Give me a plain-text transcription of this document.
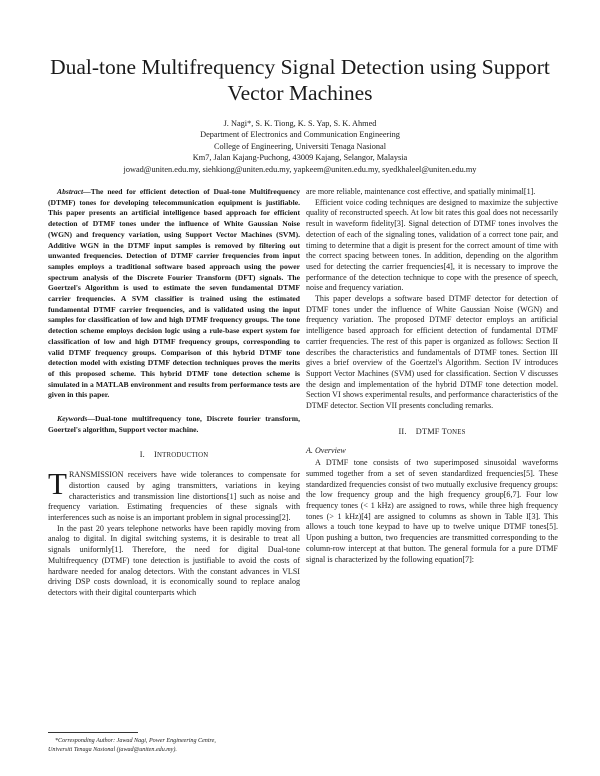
Dual-tone Multifrequency Signal Detection using Support Vector Machines
J. Nagi*, S. K. Tiong, K. S. Yap, S. K. Ahmed
Department of Electronics and Communication Engineering
College of Engineering, Universiti Tenaga Nasional
Km7, Jalan Kajang-Puchong, 43009 Kajang, Selangor, Malaysia
jowad@uniten.edu.my, siehkiong@uniten.edu.my, yapkeem@uniten.edu.my, syedkhaleel@uniten.edu.my

Abstract—The need for efficient detection of Dual-tone Multifrequency (DTMF) tones for developing telecommunication equipment is justifiable. This paper presents an artificial intelligence based approach for efficient detection of DTMF tones under the influence of White Gaussian Noise (WGN) and frequency variation, using Support Vector Machines (SVM). Additive WGN in the DTMF input samples is removed by filtering out unwanted frequencies. Detection of DTMF carrier frequencies from input samples employs a traditional software based approach using the power spectrum analysis of the Discrete Fourier Transform (DFT) signals. The Goertzel's Algorithm is used to estimate the seven fundamental DTMF carrier frequencies. A SVM classifier is trained using the estimated fundamental DTMF carrier frequencies, and is validated using the input samples for classification of low and high DTMF frequency groups. The tone detection scheme employs decision logic using a rule-base expert system for classification of low and high DTMF frequency groups, corresponding to valid DTMF frequency groups. Comparison of this hybrid DTMF tone detection model with existing DTMF detection techniques proves the merits of this proposed scheme. This hybrid DTMF tone detection scheme is simulated in a MATLAB environment and results from performance tests are given in this paper.

Keywords—Dual-tone multifrequency tone, Discrete fourier transform, Goertzel's algorithm, Support vector machine.

I. INTRODUCTION

TRANSMISSION receivers have wide tolerances to compensate for distortion caused by aging transmitters, variations in keying characteristics and transmission line distortions[1] such as noise and frequency variation. Estimating frequencies of these signals with interferences such as noise is an important problem in signal processing[2].

In the past 20 years telephone networks have been rapidly moving from analog to digital. In digital switching systems, it is desirable to treat all signals uniformly[1]. Therefore, the need for digital Dual-tone Multifrequency (DTMF) tone detection is justifiable to avoid the costs of hardware needed for analog detectors. With the constant advances in VLSI driving DSP costs download, it is economically sound to replace analog detectors with their digital counterparts which

are more reliable, maintenance cost effective, and spatially minimal[1].

Efficient voice coding techniques are designed to maximize the subjective quality of reconstructed speech. At low bit rates this goal does not necessarily result in waveform fidelity[3]. Signal detection of DTMF tones involves the detection of each of the signaling tones, validation of a correct tone pair, and timing to determine that a digit is present for the correct amount of time with the correct spacing between tones. In addition, depending on the algorithm used for detecting the carrier frequencies[4], it is necessary to improve the performance of the detection technique to cope with the presence of speech, noise and frequency variation.

This paper develops a software based DTMF detector for detection of DTMF tones under the influence of White Gaussian Noise (WGN) and frequency variation. The proposed DTMF detector employs an artificial intelligence based approach for efficient detection of fundamental DTMF carrier frequencies. The rest of this paper is organized as follows: Section II describes the characteristics and fundamentals of DTMF tones. Section III gives a brief overview of the Goertzel's Algorithm. Section IV introduces Support Vector Machines (SVM) used for classification. Section V discusses the design and implementation of the hybrid DTMF tone detection model. Section VI shows experimental results, and performance characteristics of the DTMF detector. Section VII presents concluding remarks.

II. DTMF TONES
A. Overview

A DTMF tone consists of two superimposed sinusoidal waveforms summed together from a set of seven standardized frequencies[5]. These standardized frequencies consist of two mutually exclusive frequency groups: the low frequency group and the high frequency group[6,7]. Four low frequency tones (< 1 kHz) are assigned to rows, while three high frequency tones (> 1 kHz)[4] are assigned to columns as shown in Table I[3]. This allows a touch tone keypad to have up to twelve unique DTMF tones[5]. Upon pushing a button, two frequencies are transmitted corresponding to the column-row intercept at that button. The general formula for a pure DTMF signal is characterized by the following equation[7]:

*Corresponding Author: Jawad Nagi, Power Engineering Centre,
Universiti Tenaga Nasional (jawad@uniten.edu.my).
